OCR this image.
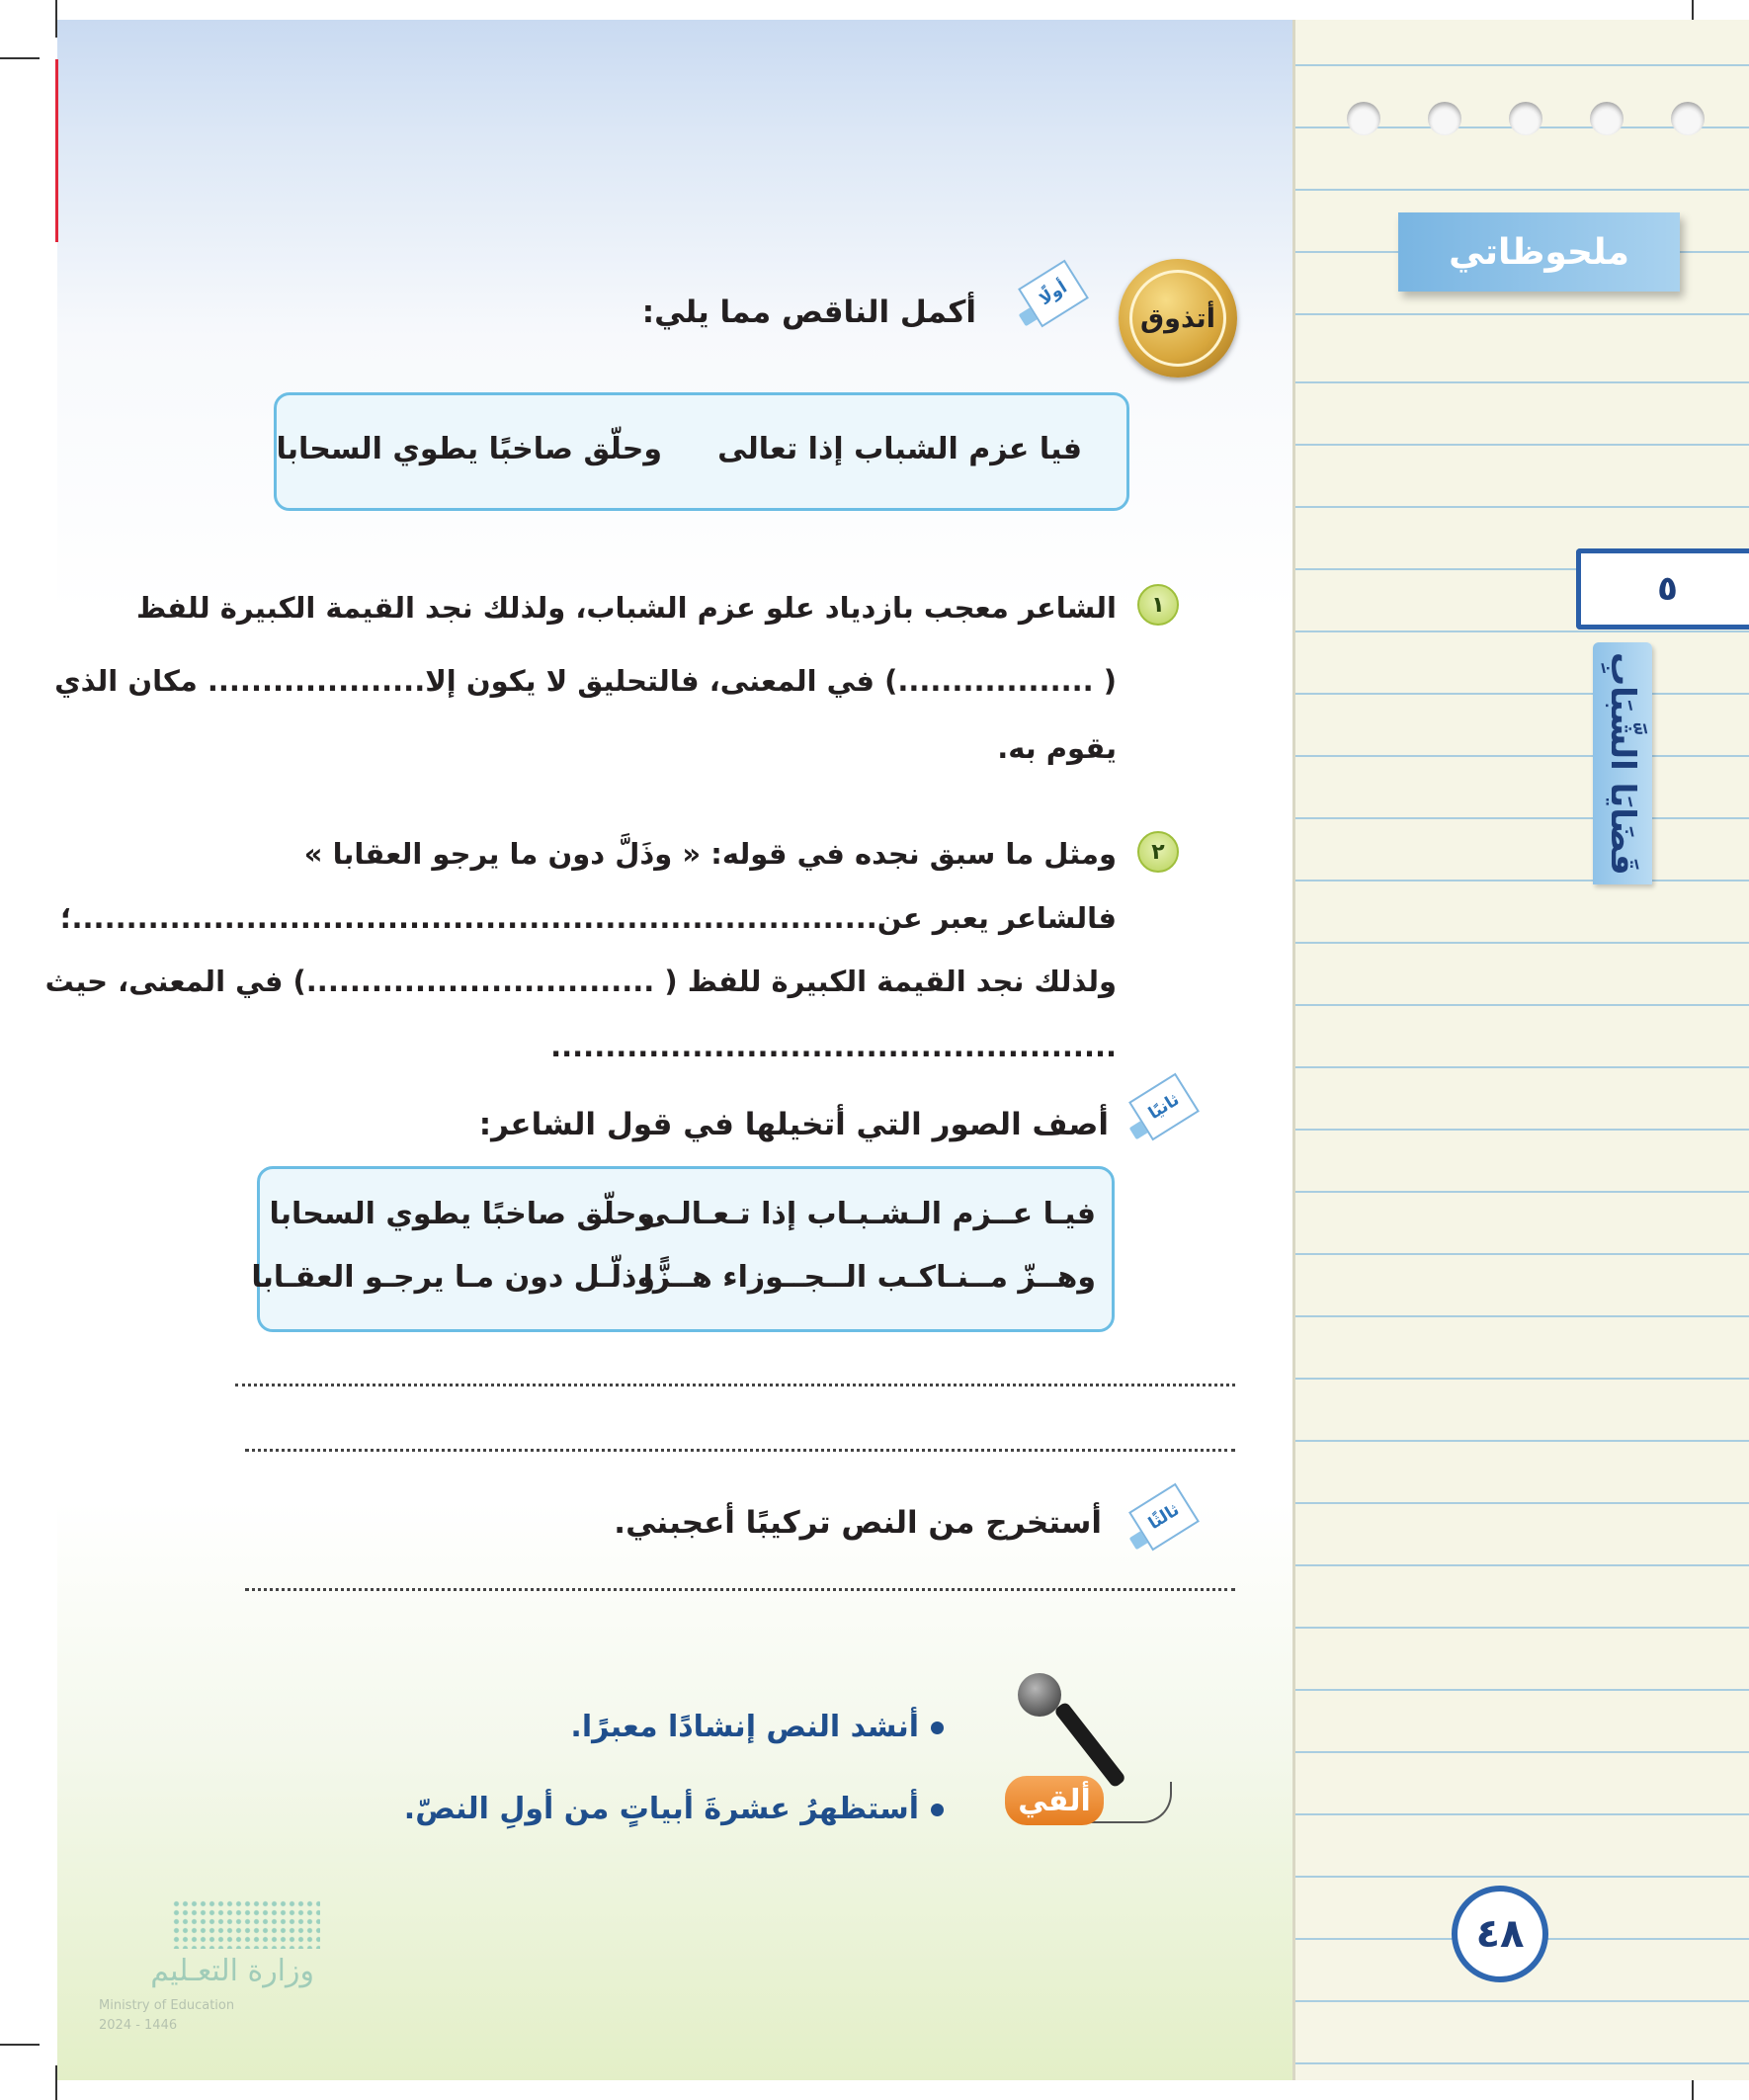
ملحوظاتي
٥
قَضَايَا الشَّبَابِ
٤٨
أتذوق
أولًا
أكمل الناقص مما يلي:
فيا عزم الشباب إذا تعالى
وحلّق صاخبًا يطوي السحابا
١
الشاعر معجب بازدياد علو عزم الشباب، ولذلك نجد القيمة الكبيرة للفظ
( ..................) في المعنى، فالتحليق لا يكون إلا.................... مكان الذي
يقوم به.
٢
ومثل ما سبق نجده في قوله: « وذَلَّ دون ما يرجو العقابا »
فالشاعر يعبر عن..........................................................................؛
ولذلك نجد القيمة الكبيرة للفظ ( ................................) في المعنى، حيث
....................................................
ثانيًا
أصف الصور التي أتخيلها في قول الشاعر:
فيـا عــزم الـشـبـاب إذا تـعـالـى
وحلّق صاخبًا يطوي السحابا
وهــزّ مــنـاكـب الــجــوزاء هــزًّا
وذلّـل دون مـا يرجـو العقـابا
ثالثًا
أستخرج من النص تركيبًا أعجبني.
ألقي
أنشد النص إنشادًا معبرًا.
أستظهرُ عشرةَ أبياتٍ من أولِ النصّ.
وزارة التعـليم
Ministry of Education
2024 - 1446
